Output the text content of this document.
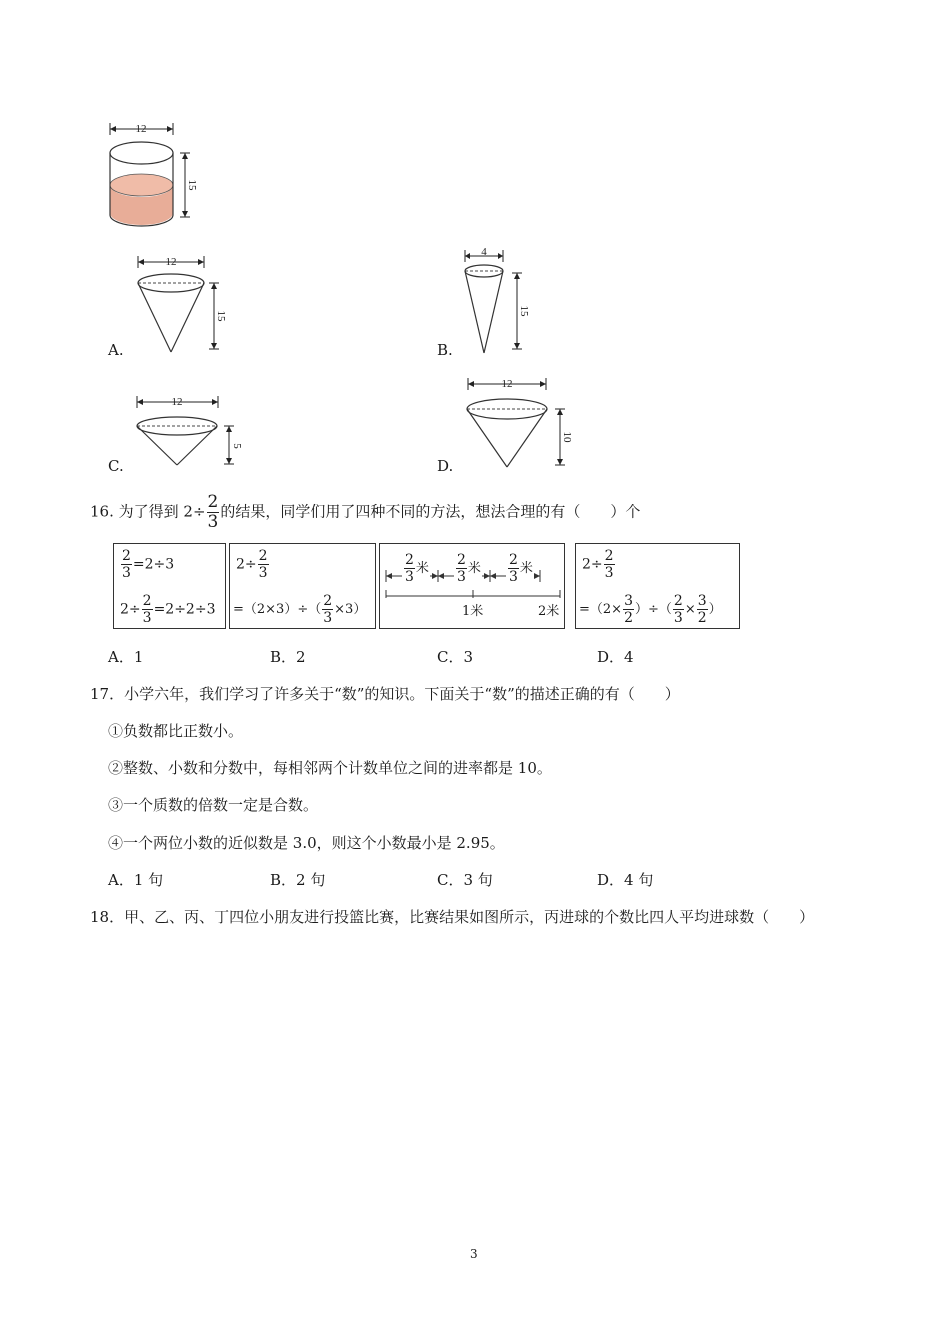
12
15
A.
12
15
B.
4
15
C.
12
5
D.
12
10
16. 为了得到 $2\div \frac{2}{3}$ 的结果，同学们用了四种不同的方法，想法合理的有（　　）个
$\frac{2}{3} =2\div 3$
$2\div \frac{2}{3} =2\div 2\div 3$
$2\div \frac{2}{3}$
$=(2\times 3)\div( \frac{2}{3} \times 3)$
$\frac{2}{3}$ 米 $\frac{2}{3}$ 米 $\frac{2}{3}$ 米
1米	2米
$2\div \frac{2}{3}$
$=(2\times \frac{3}{2}$ ）÷（ $\frac{2}{3} \times \frac{3}{2}$ ）
A．1	B．2	C．3	D．4
17．小学六年，我们学习了许多关于“数”的知识。下面关于“数”的描述正确的有（　　）
①负数都比正数小。
②整数、小数和分数中，每相邻两个计数单位之间的进率都是 10。
③一个质数的倍数一定是合数。
④一个两位小数的近似数是 3.0，则这个小数最小是 2.95。
A．1 句	B．2 句	C．3 句	D．4 句
18．甲、乙、丙、丁四位小朋友进行投篮比赛，比赛结果如图所示，丙进球的个数比四人平均进球数（　　）
3
